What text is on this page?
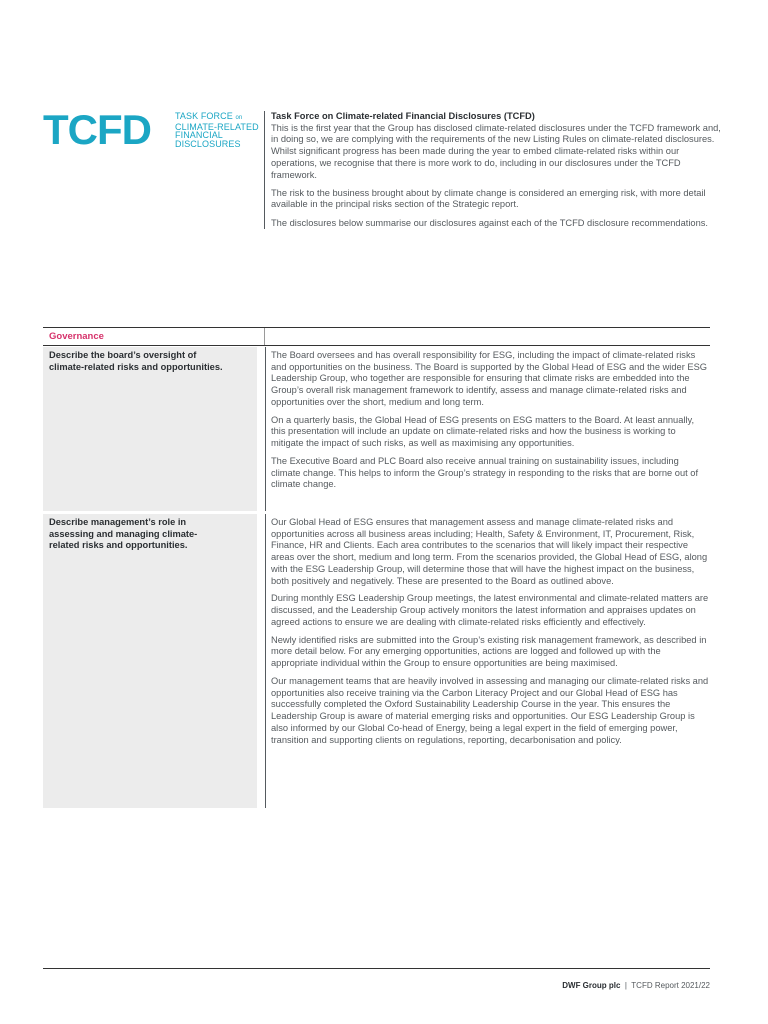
TCFD	TASK FORCE on
CLIMATE-RELATED
FINANCIAL
DISCLOSURES
Task Force on Climate-related Financial Disclosures (TCFD)

This is the first year that the Group has disclosed climate-related disclosures under the TCFD framework and, in doing so, we are complying with the requirements of the new Listing Rules on climate-related disclosures. Whilst significant progress has been made during the year to embed climate-related risks within our operations, we recognise that there is more work to do, including in our disclosures under the TCFD framework.

The risk to the business brought about by climate change is considered an emerging risk, with more detail available in the principal risks section of the Strategic report.

The disclosures below summarise our disclosures against each of the TCFD disclosure recommendations.

Governance
Describe the board’s oversight of climate-related risks and opportunities.

The Board oversees and has overall responsibility for ESG, including the impact of climate-related risks and opportunities on the business. The Board is supported by the Global Head of ESG and the wider ESG Leadership Group, who together are responsible for ensuring that climate risks are embedded into the Group’s overall risk management framework to identify, assess and manage climate-related risks and opportunities over the short, medium and long term.

On a quarterly basis, the Global Head of ESG presents on ESG matters to the Board. At least annually, this presentation will include an update on climate-related risks and how the business is working to mitigate the impact of such risks, as well as maximising any opportunities.

The Executive Board and PLC Board also receive annual training on sustainability issues, including climate change. This helps to inform the Group’s strategy in responding to the risks that are borne out of climate change.

Describe management’s role in assessing and managing climate-related risks and opportunities.

Our Global Head of ESG ensures that management assess and manage climate-related risks and opportunities across all business areas including; Health, Safety & Environment, IT, Procurement, Risk, Finance, HR and Clients. Each area contributes to the scenarios that will likely impact their respective areas over the short, medium and long term. From the scenarios provided, the Global Head of ESG, along with the ESG Leadership Group, will determine those that will have the highest impact on the business, both positively and negatively. These are presented to the Board as outlined above.

During monthly ESG Leadership Group meetings, the latest environmental and climate-related matters are discussed, and the Leadership Group actively monitors the latest information and appraises updates on agreed actions to ensure we are dealing with climate-related risks efficiently and effectively.

Newly identified risks are submitted into the Group’s existing risk management framework, as described in more detail below. For any emerging opportunities, actions are logged and followed up with the appropriate individual within the Group to ensure opportunities are being maximised.

Our management teams that are heavily involved in assessing and managing our climate-related risks and opportunities also receive training via the Carbon Literacy Project and our Global Head of ESG has successfully completed the Oxford Sustainability Leadership Course in the year. This ensures the Leadership Group is aware of material emerging risks and opportunities. Our ESG Leadership Group is also informed by our Global Co-head of Energy, being a legal expert in the field of emerging power, transition and supporting clients on regulations, reporting, decarbonisation and policy.

DWF Group plc | TCFD Report 2021/22
